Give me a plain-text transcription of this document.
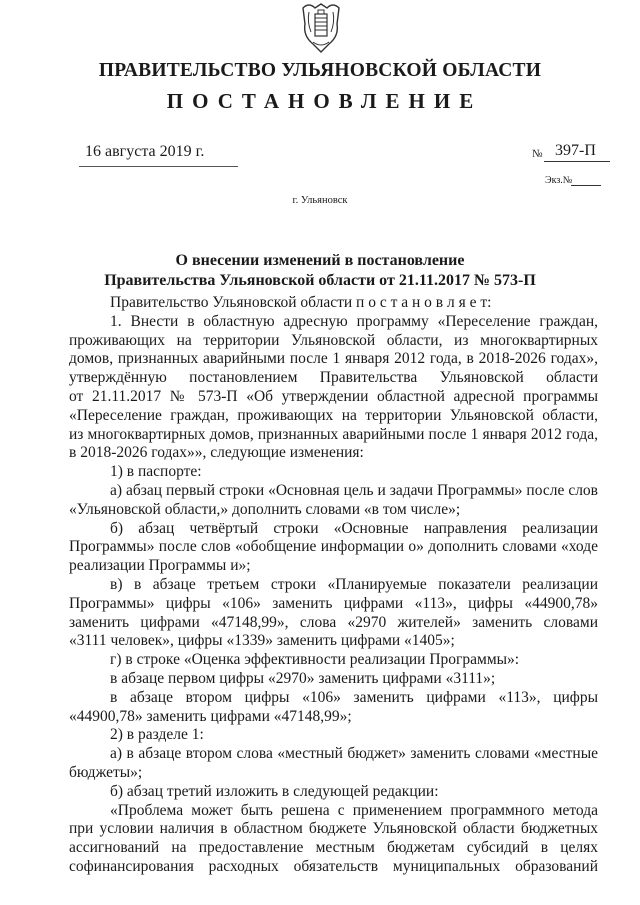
ПРАВИТЕЛЬСТВО УЛЬЯНОВСКОЙ ОБЛАСТИ
ПОСТАНОВЛЕНИЕ
16 августа 2019 г.	№ 397-П
Экз.№
г. Ульяновск
О внесении изменений в постановление
Правительства Ульяновской области от 21.11.2017 № 573-П
Правительство Ульяновской области п о с т а н о в л я е т:
1. Внести в областную адресную программу «Переселение граждан,
проживающих на территории Ульяновской области, из многоквартирных
домов, признанных аварийными после 1 января 2012 года, в 2018-2026 годах»,
утверждённую постановлением Правительства Ульяновской области
от 21.11.2017 № 573-П «Об утверждении областной адресной программы
«Переселение граждан, проживающих на территории Ульяновской области,
из многоквартирных домов, признанных аварийными после 1 января 2012 года,
в 2018-2026 годах»», следующие изменения:
1) в паспорте:
а) абзац первый строки «Основная цель и задачи Программы» после слов
«Ульяновской области,» дополнить словами «в том числе»;
б) абзац четвёртый строки «Основные направления реализации
Программы» после слов «обобщение информации о» дополнить словами «ходе
реализации Программы и»;
в) в абзаце третьем строки «Планируемые показатели реализации
Программы» цифры «106» заменить цифрами «113», цифры «44900,78»
заменить цифрами «47148,99», слова «2970 жителей» заменить словами
«3111 человек», цифры «1339» заменить цифрами «1405»;
г) в строке «Оценка эффективности реализации Программы»:
в абзаце первом цифры «2970» заменить цифрами «3111»;
в абзаце втором цифры «106» заменить цифрами «113», цифры
«44900,78» заменить цифрами «47148,99»;
2) в разделе 1:
а) в абзаце втором слова «местный бюджет» заменить словами «местные
бюджеты»;
б) абзац третий изложить в следующей редакции:
«Проблема может быть решена с применением программного метода
при условии наличия в областном бюджете Ульяновской области бюджетных
ассигнований на предоставление местным бюджетам субсидий в целях
софинансирования расходных обязательств муниципальных образований
